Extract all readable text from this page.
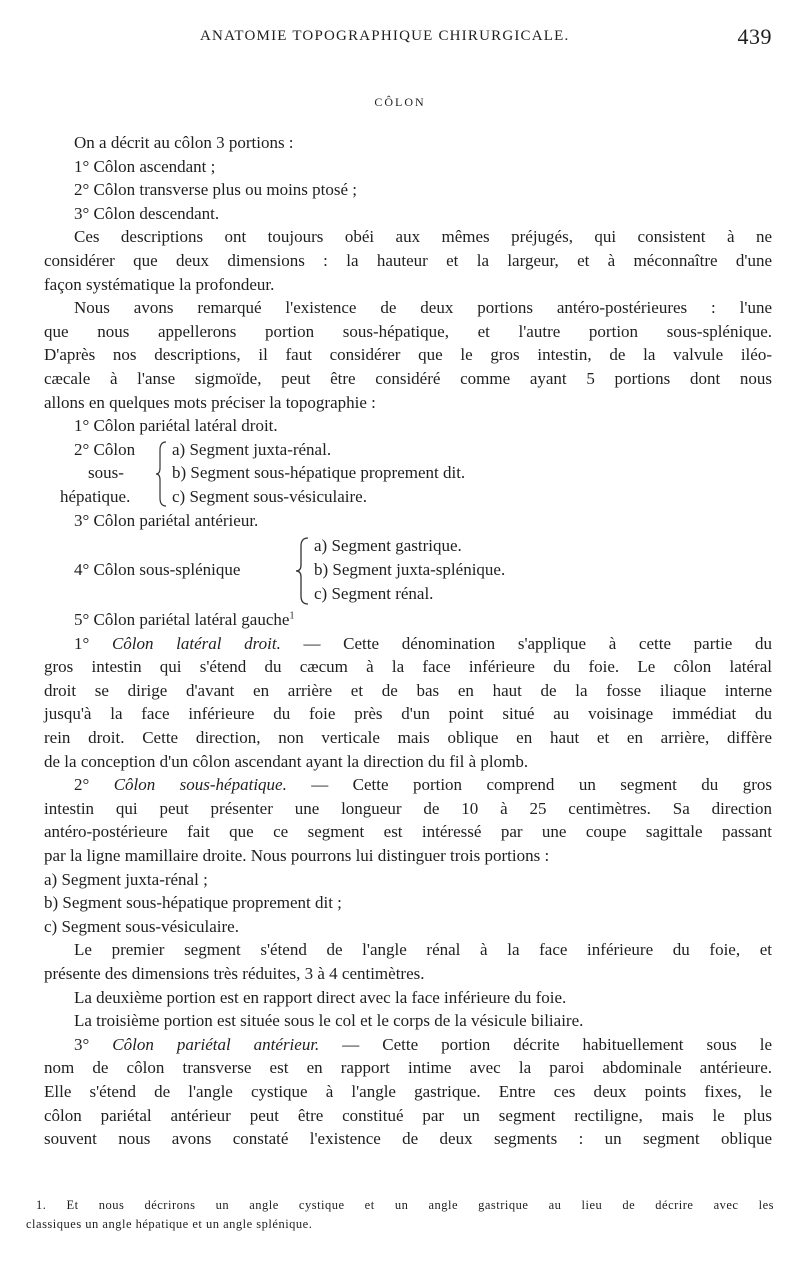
ANATOMIE TOPOGRAPHIQUE CHIRURGICALE.	439
CÔLON
On a décrit au côlon 3 portions :
1° Côlon ascendant ;
2° Côlon transverse plus ou moins ptosé ;
3° Côlon descendant.
Ces descriptions ont toujours obéi aux mêmes préjugés, qui consistent à ne
considérer que deux dimensions : la hauteur et la largeur, et à méconnaître d'une
façon systématique la profondeur.
Nous avons remarqué l'existence de deux portions antéro-postérieures : l'une
que nous appellerons portion sous-hépatique, et l'autre portion sous-splénique.
D'après nos descriptions, il faut considérer que le gros intestin, de la valvule iléo-
cæcale à l'anse sigmoïde, peut être considéré comme ayant 5 portions dont nous
allons en quelques mots préciser la topographie :
1° Côlon pariétal latéral droit.
2° Côlon
sous-
hépatique.
a) Segment juxta-rénal.
b) Segment sous-hépatique proprement dit.
c) Segment sous-vésiculaire.
3° Côlon pariétal antérieur.
4° Côlon sous-splénique
a) Segment gastrique.
b) Segment juxta-splénique.
c) Segment rénal.
5° Côlon pariétal latéral gauche$^1$
1° Côlon latéral droit. — Cette dénomination s'applique à cette partie du
gros intestin qui s'étend du cæcum à la face inférieure du foie. Le côlon latéral
droit se dirige d'avant en arrière et de bas en haut de la fosse iliaque interne
jusqu'à la face inférieure du foie près d'un point situé au voisinage immédiat du
rein droit. Cette direction, non verticale mais oblique en haut et en arrière, diffère
de la conception d'un côlon ascendant ayant la direction du fil à plomb.
2° Côlon sous-hépatique. — Cette portion comprend un segment du gros
intestin qui peut présenter une longueur de 10 à 25 centimètres. Sa direction
antéro-postérieure fait que ce segment est intéressé par une coupe sagittale passant
par la ligne mamillaire droite. Nous pourrons lui distinguer trois portions :
a) Segment juxta-rénal ;
b) Segment sous-hépatique proprement dit ;
c) Segment sous-vésiculaire.
Le premier segment s'étend de l'angle rénal à la face inférieure du foie, et
présente des dimensions très réduites, 3 à 4 centimètres.
La deuxième portion est en rapport direct avec la face inférieure du foie.
La troisième portion est située sous le col et le corps de la vésicule biliaire.
3° Côlon pariétal antérieur. — Cette portion décrite habituellement sous le
nom de côlon transverse est en rapport intime avec la paroi abdominale antérieure.
Elle s'étend de l'angle cystique à l'angle gastrique. Entre ces deux points fixes, le
côlon pariétal antérieur peut être constitué par un segment rectiligne, mais le plus
souvent nous avons constaté l'existence de deux segments : un segment oblique
1. Et nous décrirons un angle cystique et un angle gastrique au lieu de décrire avec les
classiques un angle hépatique et un angle splénique.
